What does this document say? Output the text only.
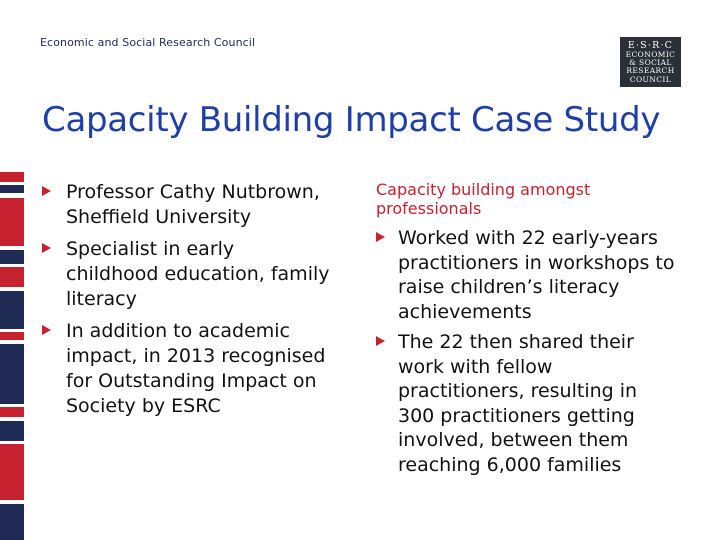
Economic and Social Research Council	E·S·R·C
ECONOMIC
& SOCIAL
RESEARCH
COUNCIL
Capacity Building Impact Case Study
Professor Cathy Nutbrown, Sheffield University
Specialist in early childhood education, family literacy
In addition to academic impact, in 2013 recognised for Outstanding Impact on Society by ESRC
Capacity building amongst professionals
Worked with 22 early-years practitioners in workshops to raise children’s literacy achievements
The 22 then shared their work with fellow practitioners, resulting in 300 practitioners getting involved, between them reaching 6,000 families
